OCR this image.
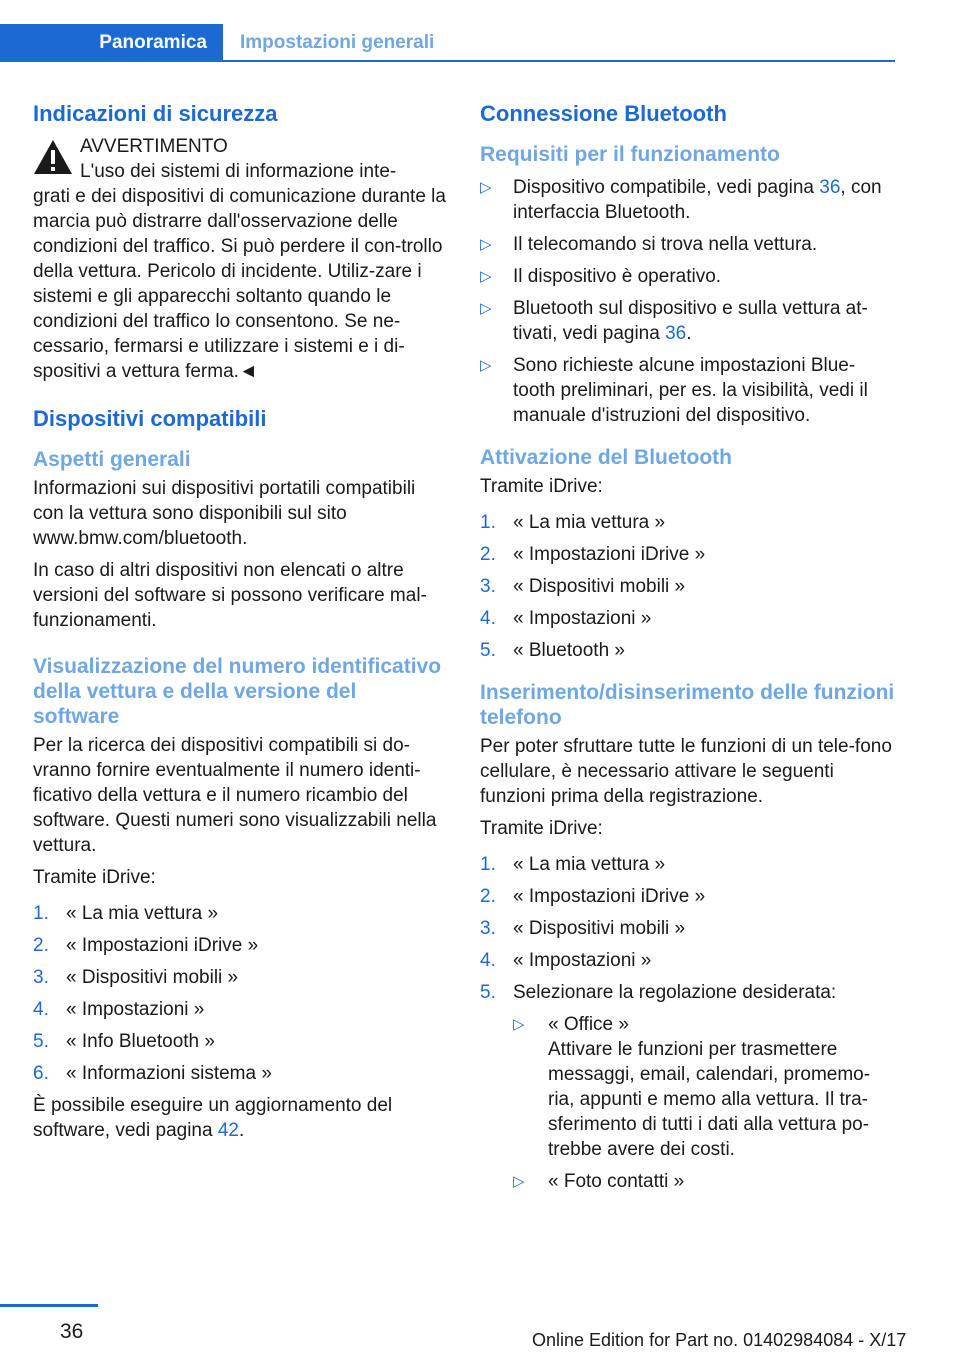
Panoramica Impostazioni generali
Indicazioni di sicurezza
AVVERTIMENTO
L'uso dei sistemi di informazione inte-

grati e dei dispositivi di comunicazione durante la marcia può distrarre dall'osservazione delle condizioni del traffico. Si può perdere il con-trollo della vettura. Pericolo di incidente. Utiliz-zare i sistemi e gli apparecchi soltanto quando le condizioni del traffico lo consentono. Se ne-cessario, fermarsi e utilizzare i sistemi e i di-spositivi a vettura ferma.◄

Dispositivi compatibili
Aspetti generali

Informazioni sui dispositivi portatili compatibili con la vettura sono disponibili sul sito www.bmw.com/bluetooth.

In caso di altri dispositivi non elencati o altre versioni del software si possono verificare mal-funzionamenti.

Visualizzazione del numero identificativo della vettura e della versione del software

Per la ricerca dei dispositivi compatibili si do-vranno fornire eventualmente il numero identi-ficativo della vettura e il numero ricambio del software. Questi numeri sono visualizzabili nella vettura.

Tramite iDrive:

1. « La mia vettura »
2. « Impostazioni iDrive »
3. « Dispositivi mobili »
4. « Impostazioni »
5. « Info Bluetooth »
6. « Informazioni sistema »

È possibile eseguire un aggiornamento del software, vedi pagina 42.

Connessione Bluetooth
Requisiti per il funzionamento
▷ Dispositivo compatibile, vedi pagina 36, con interfaccia Bluetooth.
▷ Il telecomando si trova nella vettura.
▷ Il dispositivo è operativo.
▷ Bluetooth sul dispositivo e sulla vettura at-tivati, vedi pagina 36.
▷ Sono richieste alcune impostazioni Blue-tooth preliminari, per es. la visibilità, vedi il manuale d'istruzioni del dispositivo.
Attivazione del Bluetooth

Tramite iDrive:

1. « La mia vettura »
2. « Impostazioni iDrive »
3. « Dispositivi mobili »
4. « Impostazioni »
5. « Bluetooth »
Inserimento/disinserimento delle funzioni telefono

Per poter sfruttare tutte le funzioni di un tele-fono cellulare, è necessario attivare le seguenti funzioni prima della registrazione.

Tramite iDrive:

1. « La mia vettura »
2. « Impostazioni iDrive »
3. « Dispositivi mobili »
4. « Impostazioni »
5. Selezionare la regolazione desiderata:
▷ « Office »
Attivare le funzioni per trasmettere messaggi, email, calendari, promemo-ria, appunti e memo alla vettura. Il tra-sferimento di tutti i dati alla vettura po-trebbe avere dei costi.
▷ « Foto contatti »
36	Online Edition for Part no. 01402984084 - X/17
